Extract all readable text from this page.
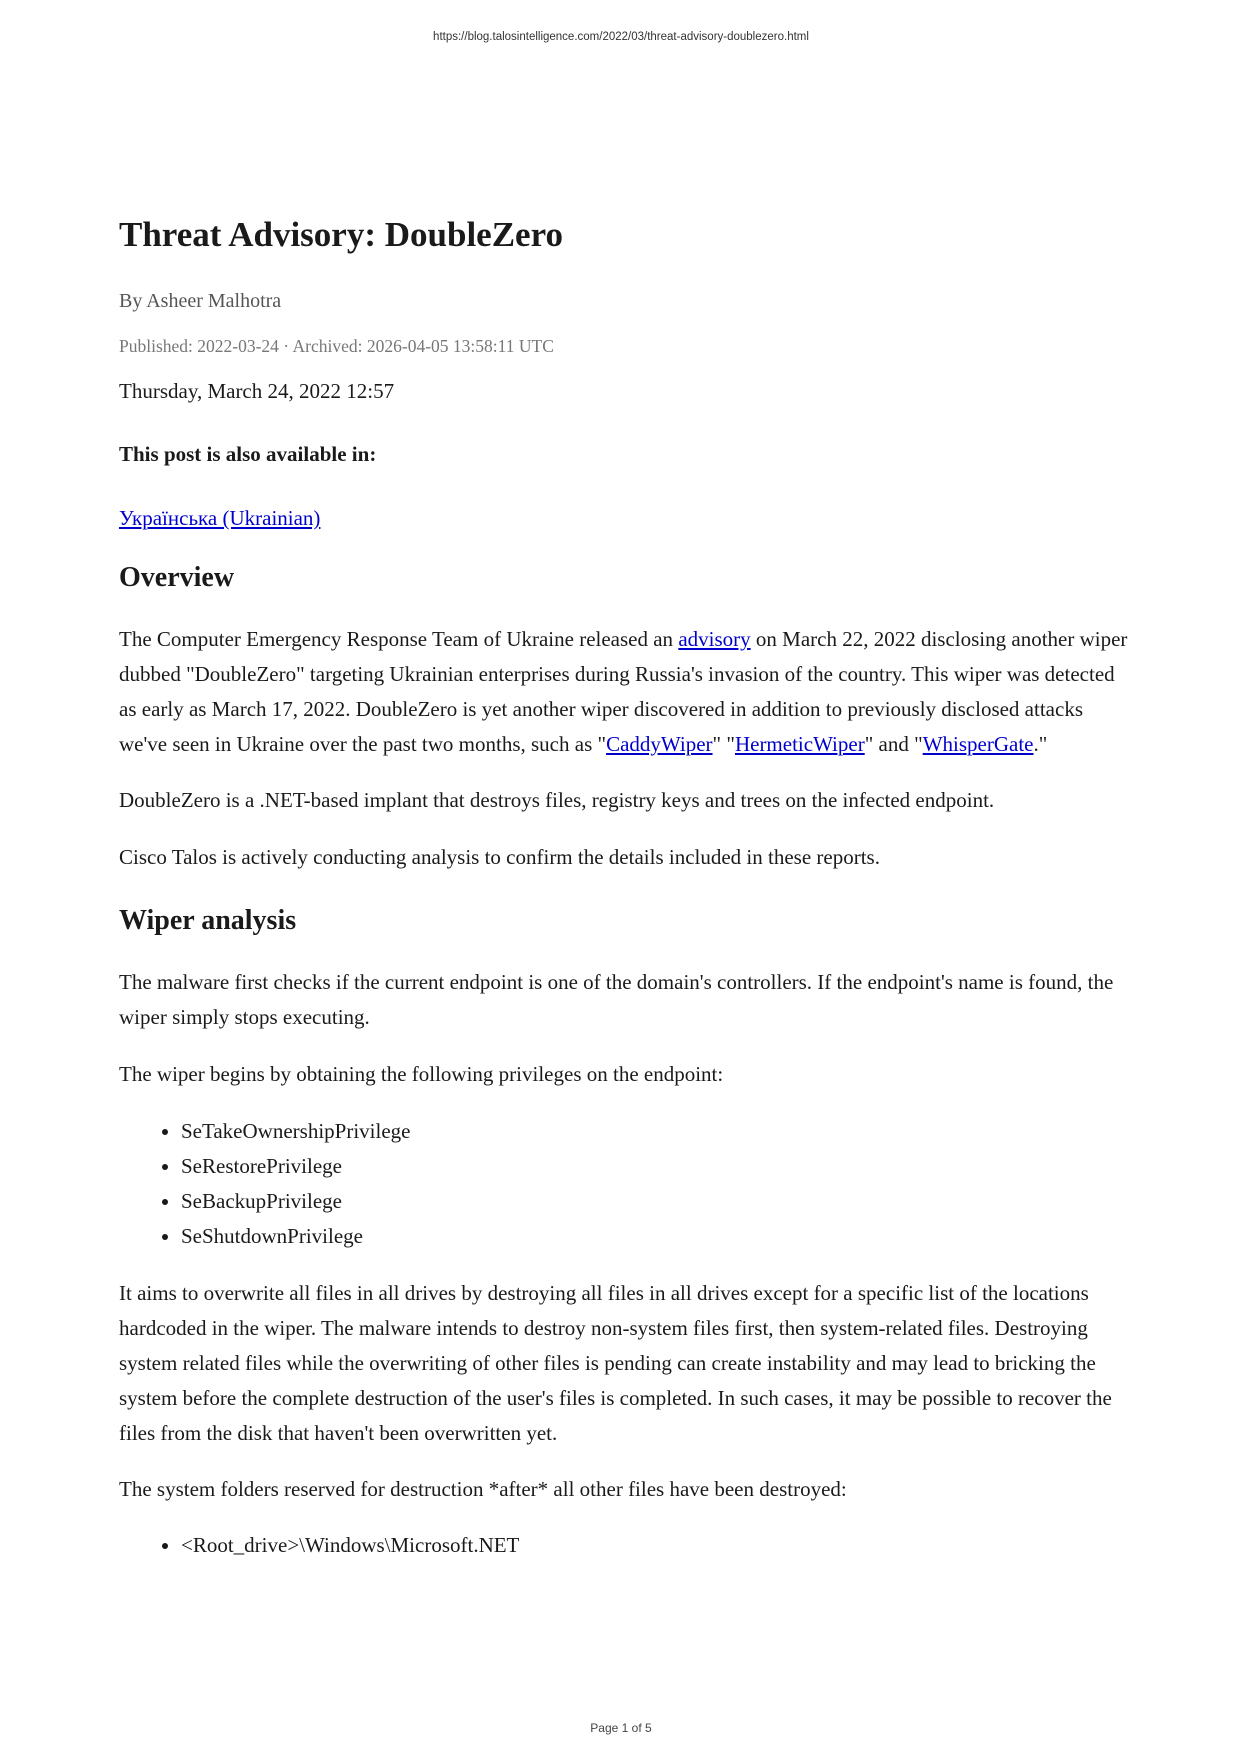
https://blog.talosintelligence.com/2022/03/threat-advisory-doublezero.html
Threat Advisory: DoubleZero
By Asheer Malhotra
Published: 2022-03-24 · Archived: 2026-04-05 13:58:11 UTC

Thursday, March 24, 2022 12:57

This post is also available in:

Українська (Ukrainian)

Overview

The Computer Emergency Response Team of Ukraine released an advisory on March 22, 2022 disclosing another wiper dubbed "DoubleZero" targeting Ukrainian enterprises during Russia's invasion of the country. This wiper was detected as early as March 17, 2022. DoubleZero is yet another wiper discovered in addition to previously disclosed attacks we've seen in Ukraine over the past two months, such as "CaddyWiper" "HermeticWiper" and "WhisperGate."

DoubleZero is a .NET-based implant that destroys files, registry keys and trees on the infected endpoint.

Cisco Talos is actively conducting analysis to confirm the details included in these reports.

Wiper analysis

The malware first checks if the current endpoint is one of the domain's controllers. If the endpoint's name is found, the wiper simply stops executing.

The wiper begins by obtaining the following privileges on the endpoint:

• SeTakeOwnershipPrivilege
• SeRestorePrivilege
• SeBackupPrivilege
• SeShutdownPrivilege

It aims to overwrite all files in all drives by destroying all files in all drives except for a specific list of the locations hardcoded in the wiper. The malware intends to destroy non-system files first, then system-related files. Destroying system related files while the overwriting of other files is pending can create instability and may lead to bricking the system before the complete destruction of the user's files is completed. In such cases, it may be possible to recover the files from the disk that haven't been overwritten yet.

The system folders reserved for destruction *after* all other files have been destroyed:

• <Root_drive>\Windows\Microsoft.NET
Page 1 of 5
